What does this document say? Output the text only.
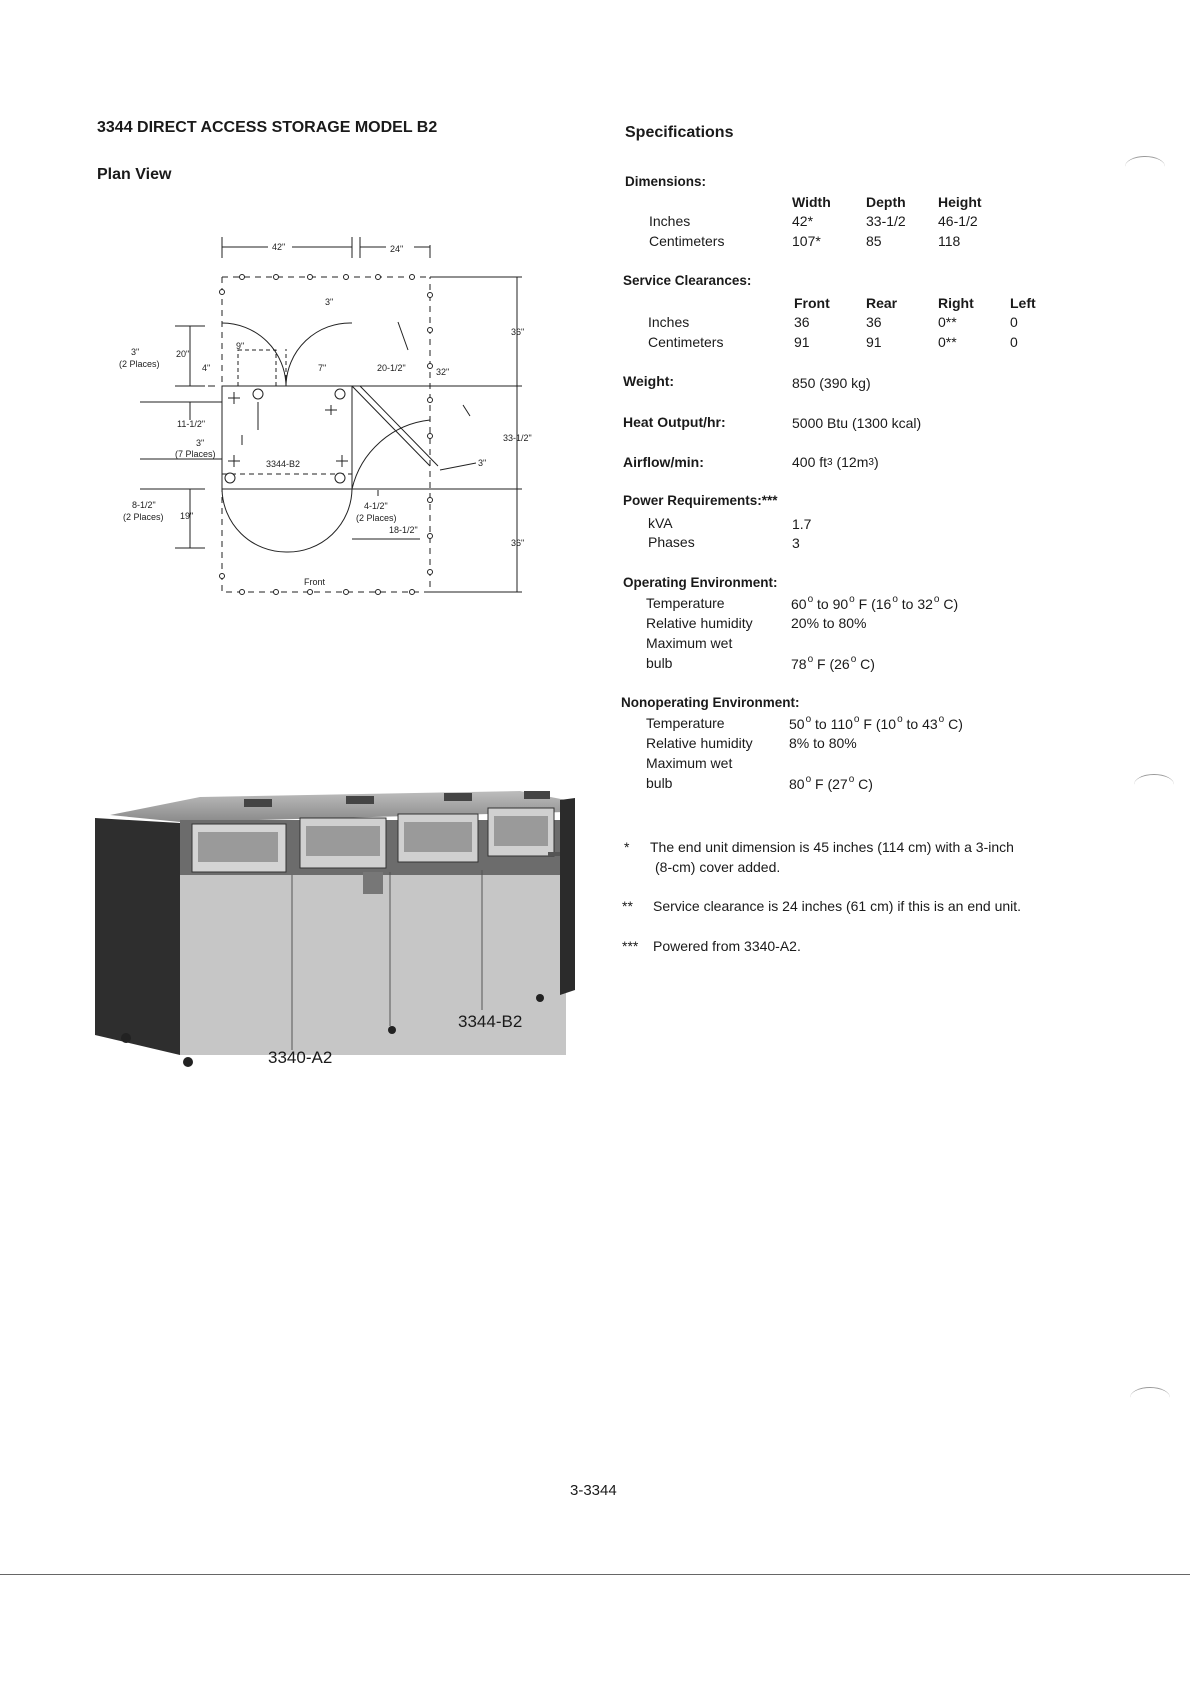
3344 DIRECT ACCESS STORAGE MODEL B2
Plan View
42"	24"
3"
36"
3"
(2 Places)
20"
9"
4"	7"	20-1/2"	32"
11-1/2"
3"
(7 Places)
3344-B2
33-1/2"
3"
8-1/2"
(2 Places) 19"
4-1/2"
(2 Places)
18-1/2"
36"
Front
3340-A2
3344-B2
Specifications
Dimensions:
Width	Depth Height
Inches	42*	33-1/2 46-1/2
Centimeters	107*	85	118
Service Clearances:
Front	Rear	Right	Left
Inches	36	36	0**	0
Centimeters	91	91	0**	0
Weight:	850 (390 kg)
Heat Output/hr:	5000 Btu (1300 kcal)
Airflow/min:	400 $ft^3$ $(12m^3)$
Power Requirements:***
kVA	1.7
Phases	3
Operating Environment:
Temperature	60$^o$ to 90$^o$ F (16$^o$ to 32$^o$ C)
Relative humidity	20% to 80%
Maximum wet
bulb	78$^o$ F (26$^o$ C)
Nonoperating Environment:
Temperature	50$^o$ to 110$^o$ F (10$^o$ to 43$^o$ C)
Relative humidity	8% to 80%
Maximum wet
bulb	80$^o$ F (27$^o$ C)
* The end unit dimension is 45 inches (114 cm) with a 3-inch
(8-cm) cover added.
** Service clearance is 24 inches (61 cm) if this is an end unit.
*** Powered from 3340-A2.
3-3344
